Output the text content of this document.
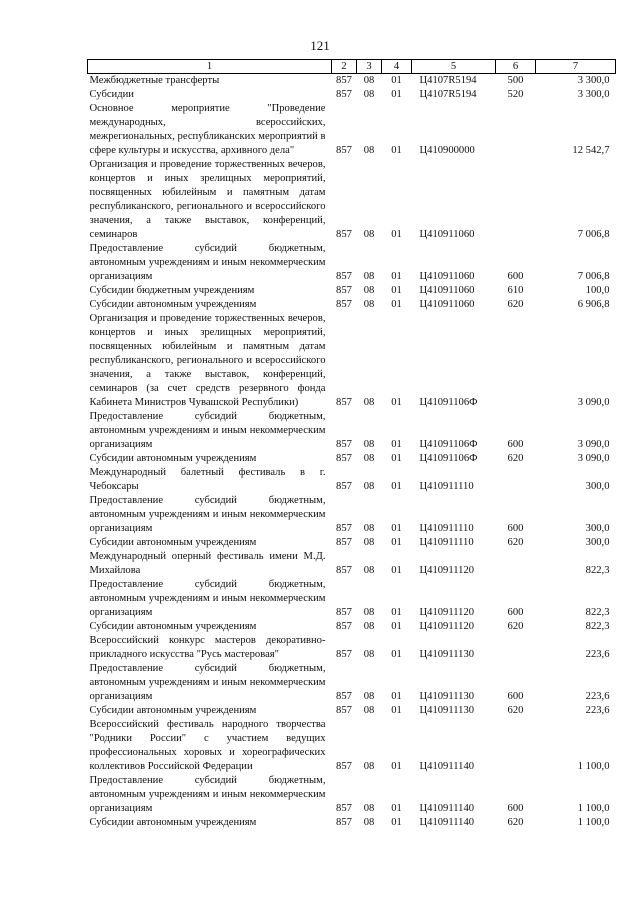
121
1	2	3	4	5	6	7
Межбюджетные трансферты	857	08	01	Ц4107R5194	500	3 300,0
Субсидии	857	08	01	Ц4107R5194	520	3 300,0
Основное мероприятие "Проведение международных, всероссийских, межрегиональных, республиканских мероприятий в сфере культуры и искусства, архивного дела"	857	08	01	Ц410900000		12 542,7
Организация и проведение торжественных вечеров, концертов и иных зрелищных мероприятий, посвященных юбилейным и памятным датам республиканского, регионального и всероссийского значения, а также выставок, конференций, семинаров	857	08	01	Ц410911060		7 006,8
Предоставление субсидий бюджетным, автономным учреждениям и иным некоммерческим организациям	857	08	01	Ц410911060	600	7 006,8
Субсидии бюджетным учреждениям	857	08	01	Ц410911060	610	100,0
Субсидии автономным учреждениям	857	08	01	Ц410911060	620	6 906,8
Организация и проведение торжественных вечеров, концертов и иных зрелищных мероприятий, посвященных юбилейным и памятным датам республиканского, регионального и всероссийского значения, а также выставок, конференций, семинаров (за счет средств резервного фонда Кабинета Министров Чувашской Республики)	857	08	01	Ц41091106Ф		3 090,0
Предоставление субсидий бюджетным, автономным учреждениям и иным некоммерческим организациям	857	08	01	Ц41091106Ф	600	3 090,0
Субсидии автономным учреждениям	857	08	01	Ц41091106Ф	620	3 090,0
Международный балетный фестиваль в г. Чебоксары	857	08	01	Ц410911110		300,0
Предоставление субсидий бюджетным, автономным учреждениям и иным некоммерческим организациям	857	08	01	Ц410911110	600	300,0
Субсидии автономным учреждениям	857	08	01	Ц410911110	620	300,0
Международный оперный фестиваль имени М.Д. Михайлова	857	08	01	Ц410911120		822,3
Предоставление субсидий бюджетным, автономным учреждениям и иным некоммерческим организациям	857	08	01	Ц410911120	600	822,3
Субсидии автономным учреждениям	857	08	01	Ц410911120	620	822,3
Всероссийский конкурс мастеров декоративно-прикладного искусства "Русь мастеровая"	857	08	01	Ц410911130		223,6
Предоставление субсидий бюджетным, автономным учреждениям и иным некоммерческим организациям	857	08	01	Ц410911130	600	223,6
Субсидии автономным учреждениям	857	08	01	Ц410911130	620	223,6
Всероссийский фестиваль народного творчества "Родники России" с участием ведущих профессиональных хоровых и хореографических коллективов Российской Федерации	857	08	01	Ц410911140		1 100,0
Предоставление субсидий бюджетным, автономным учреждениям и иным некоммерческим организациям	857	08	01	Ц410911140	600	1 100,0
Субсидии автономным учреждениям	857	08	01	Ц410911140	620	1 100,0
